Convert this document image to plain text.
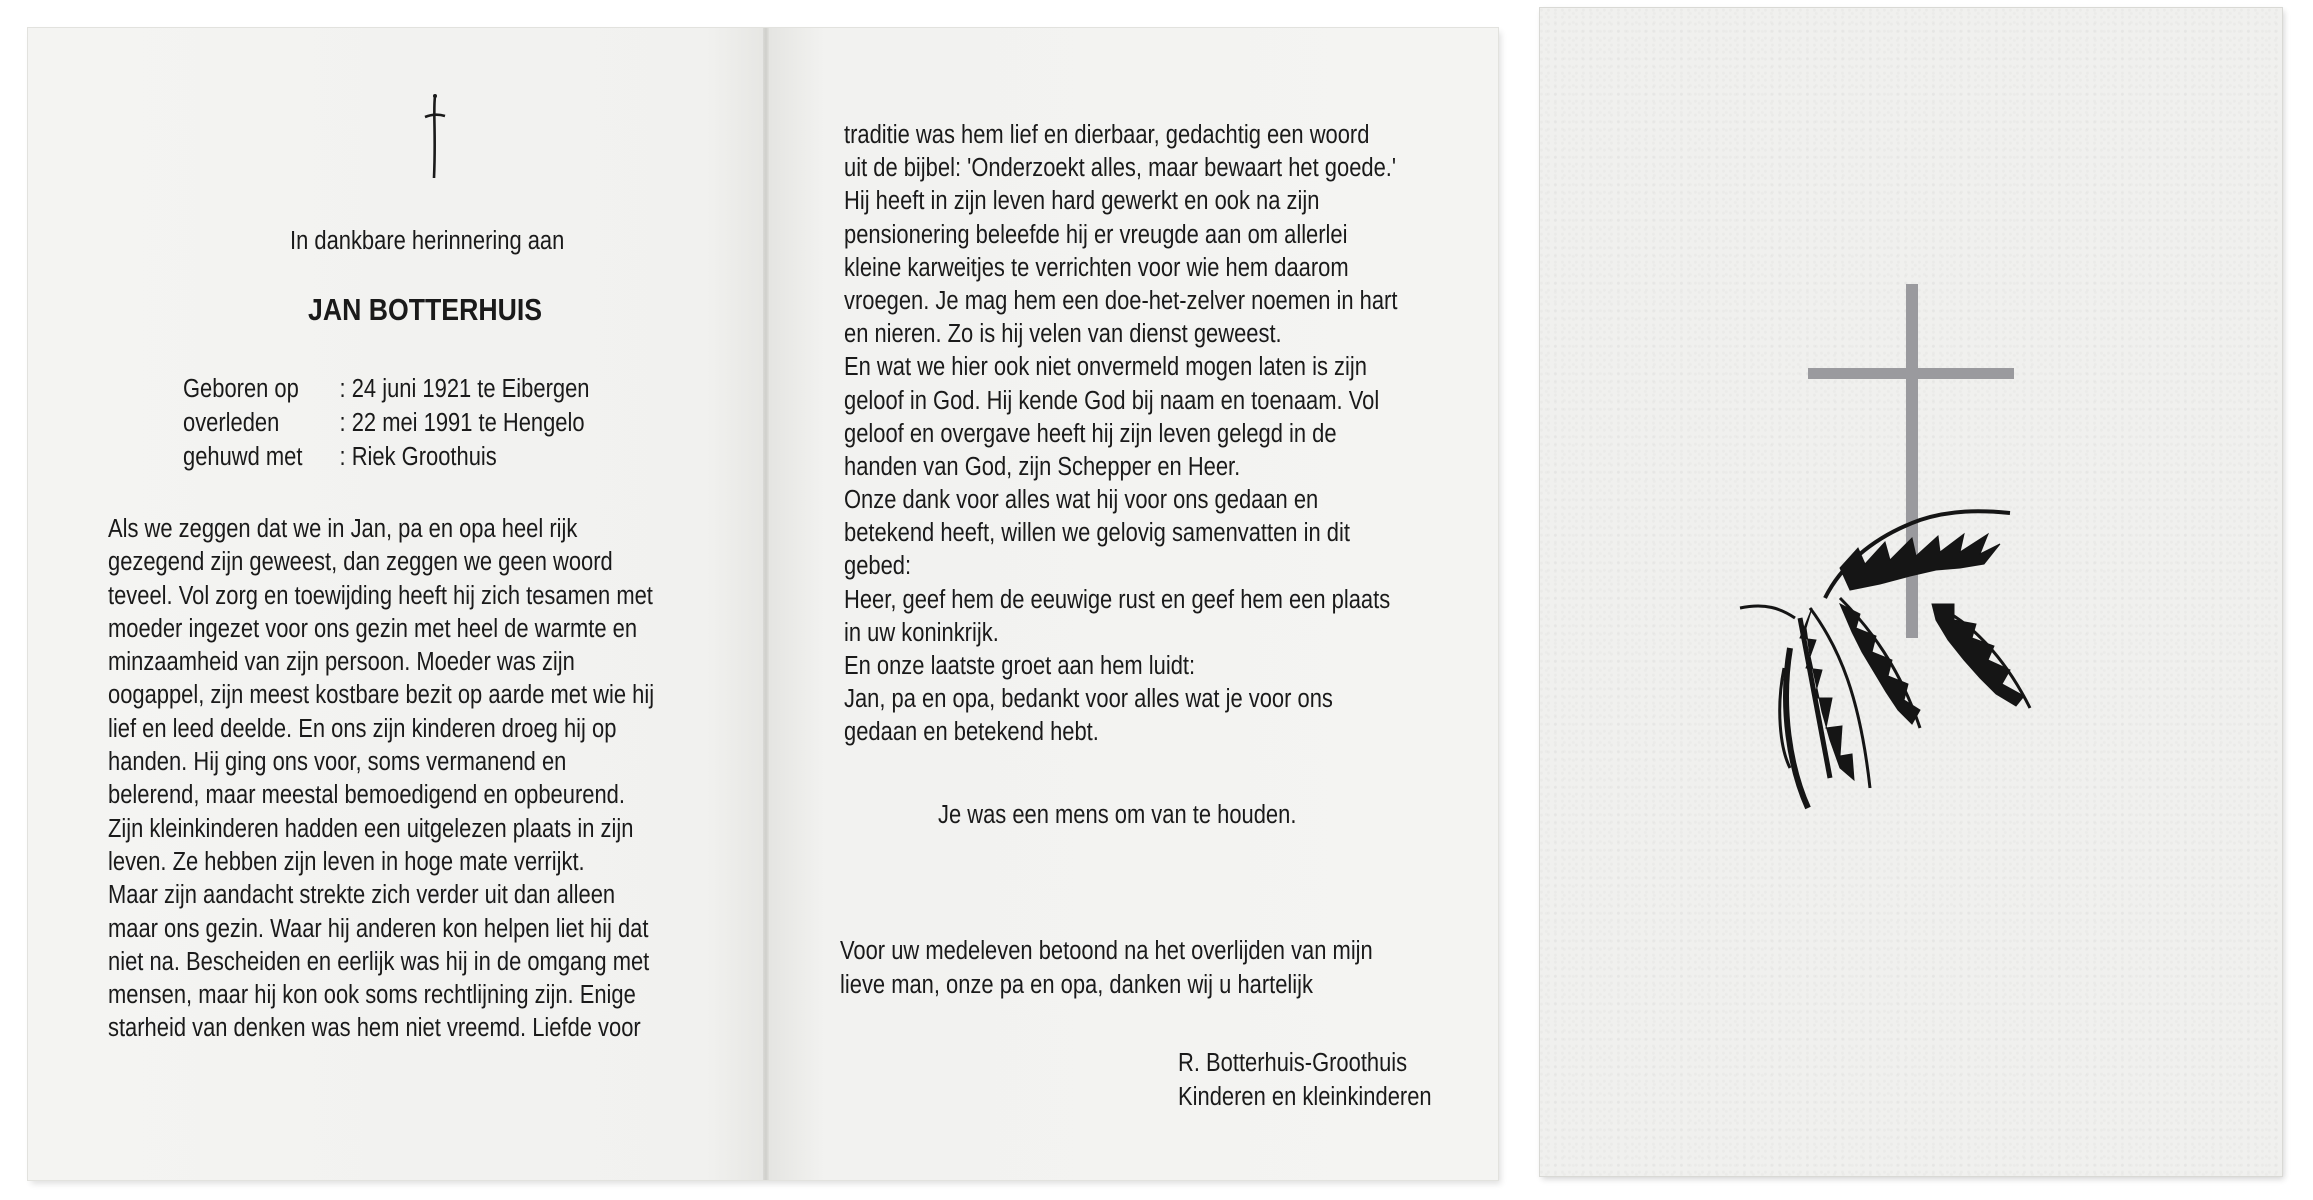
In dankbare herinnering aan
JAN BOTTERHUIS
Geboren op : 24 juni 1921 te Eibergen
overleden : 22 mei 1991 te Hengelo
gehuwd met : Riek Groothuis
Als we zeggen dat we in Jan, pa en opa heel rijk
gezegend zijn geweest, dan zeggen we geen woord
teveel. Vol zorg en toewijding heeft hij zich tesamen met
moeder ingezet voor ons gezin met heel de warmte en
minzaamheid van zijn persoon. Moeder was zijn
oogappel, zijn meest kostbare bezit op aarde met wie hij
lief en leed deelde. En ons zijn kinderen droeg hij op
handen. Hij ging ons voor, soms vermanend en
belerend, maar meestal bemoedigend en opbeurend.
Zijn kleinkinderen hadden een uitgelezen plaats in zijn
leven. Ze hebben zijn leven in hoge mate verrijkt.
Maar zijn aandacht strekte zich verder uit dan alleen
maar ons gezin. Waar hij anderen kon helpen liet hij dat
niet na. Bescheiden en eerlijk was hij in de omgang met
mensen, maar hij kon ook soms rechtlijning zijn. Enige
starheid van denken was hem niet vreemd. Liefde voor
traditie was hem lief en dierbaar, gedachtig een woord
uit de bijbel: 'Onderzoekt alles, maar bewaart het goede.'
Hij heeft in zijn leven hard gewerkt en ook na zijn
pensionering beleefde hij er vreugde aan om allerlei
kleine karweitjes te verrichten voor wie hem daarom
vroegen. Je mag hem een doe-het-zelver noemen in hart
en nieren. Zo is hij velen van dienst geweest.
En wat we hier ook niet onvermeld mogen laten is zijn
geloof in God. Hij kende God bij naam en toenaam. Vol
geloof en overgave heeft hij zijn leven gelegd in de
handen van God, zijn Schepper en Heer.
Onze dank voor alles wat hij voor ons gedaan en
betekend heeft, willen we gelovig samenvatten in dit
gebed:
Heer, geef hem de eeuwige rust en geef hem een plaats
in uw koninkrijk.
En onze laatste groet aan hem luidt:
Jan, pa en opa, bedankt voor alles wat je voor ons
gedaan en betekend hebt.
Je was een mens om van te houden.
Voor uw medeleven betoond na het overlijden van mijn
lieve man, onze pa en opa, danken wij u hartelijk
R. Botterhuis-Groothuis
Kinderen en kleinkinderen
